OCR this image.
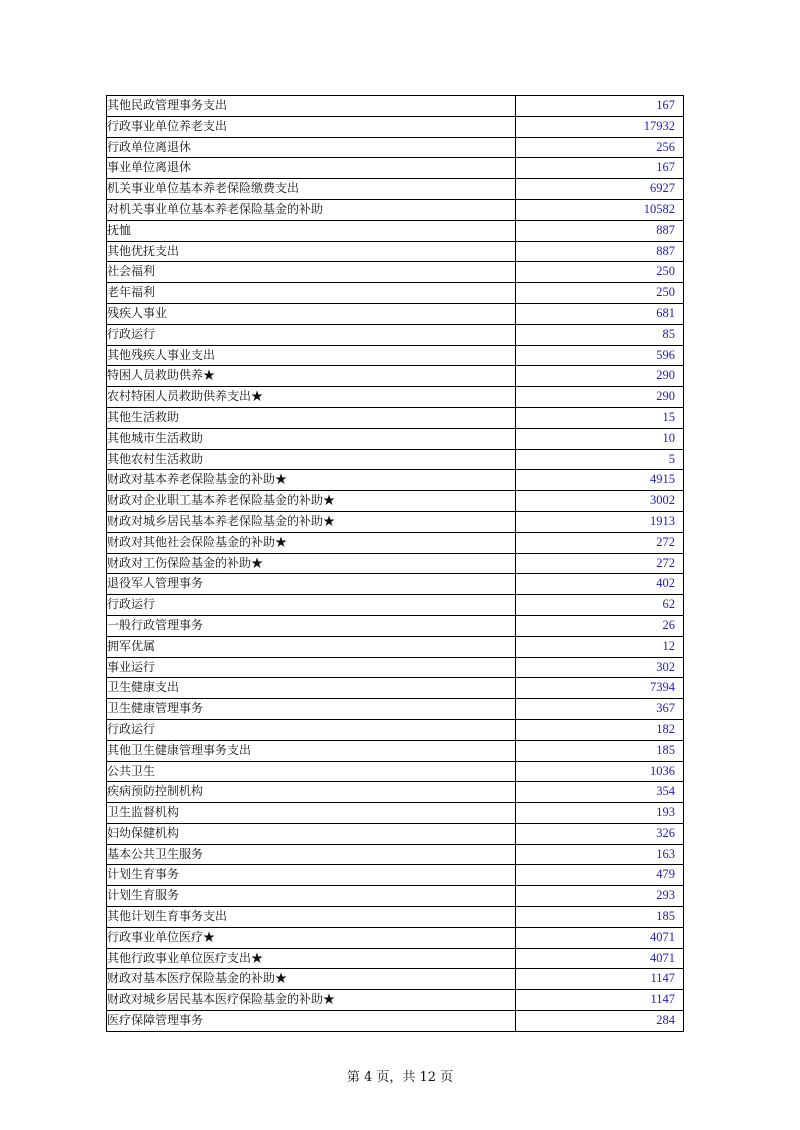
其他民政管理事务支出	167
行政事业单位养老支出	17932
行政单位离退休	256
事业单位离退休	167
机关事业单位基本养老保险缴费支出	6927
对机关事业单位基本养老保险基金的补助	10582
抚恤	887
其他优抚支出	887
社会福利	250
老年福利	250
残疾人事业	681
行政运行	85
其他残疾人事业支出	596
特困人员救助供养★	290
农村特困人员救助供养支出★	290
其他生活救助	15
其他城市生活救助	10
其他农村生活救助	5
财政对基本养老保险基金的补助★	4915
财政对企业职工基本养老保险基金的补助★	3002
财政对城乡居民基本养老保险基金的补助★	1913
财政对其他社会保险基金的补助★	272
财政对工伤保险基金的补助★	272
退役军人管理事务	402
行政运行	62
一般行政管理事务	26
拥军优属	12
事业运行	302
卫生健康支出	7394
卫生健康管理事务	367
行政运行	182
其他卫生健康管理事务支出	185
公共卫生	1036
疾病预防控制机构	354
卫生监督机构	193
妇幼保健机构	326
基本公共卫生服务	163
计划生育事务	479
计划生育服务	293
其他计划生育事务支出	185
行政事业单位医疗★	4071
其他行政事业单位医疗支出★	4071
财政对基本医疗保险基金的补助★	1147
财政对城乡居民基本医疗保险基金的补助★	1147
医疗保障管理事务	284
第 4 页，共 12 页
